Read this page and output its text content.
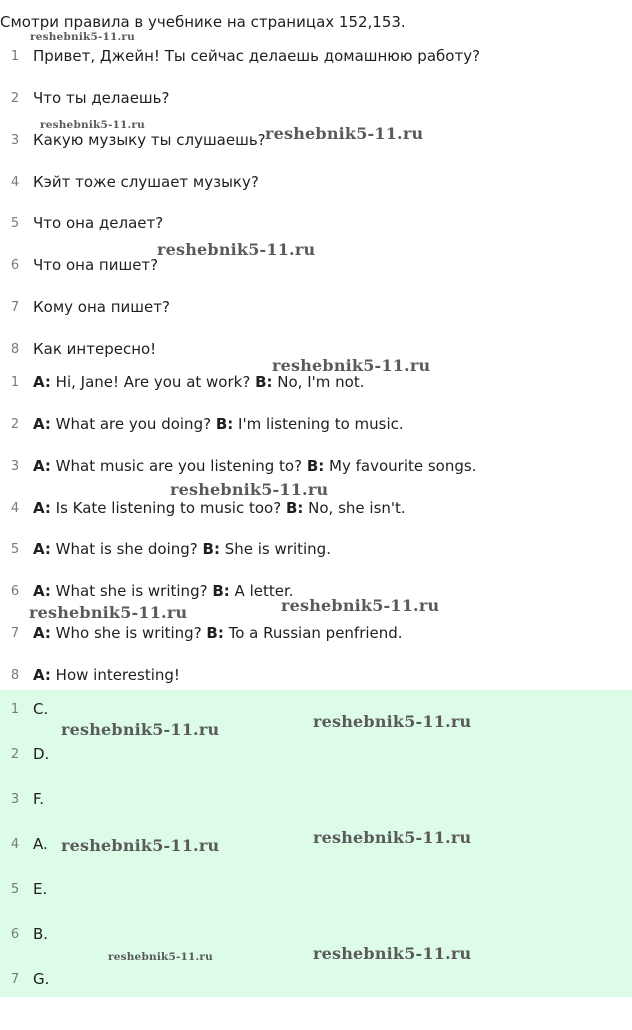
Смотри правила в учебнике на страницах 152,153.
1 Привет, Джейн! Ты сейчас делаешь домашнюю работу?
2 Что ты делаешь?
3 Какую музыку ты слушаешь?
4 Кэйт тоже слушает музыку?
5 Что она делает?
6 Что она пишет?
7 Кому она пишет?
8 Как интересно!
1 A: Hi, Jane! Are you at work? B: No, I'm not.
2 A: What are you doing? B: I'm listening to music.
3 A: What music are you listening to? B: My favourite songs.
4 A: Is Kate listening to music too? B: No, she isn't.
5 A: What is she doing? B: She is writing.
6 A: What she is writing? B: A letter.
7 A: Who she is writing? B: To a Russian penfriend.
8 A: How interesting!
1 C.
2 D.
3 F.
4 A.
5 E.
6 B.
7 G.
reshebnik5-11.ru
reshebnik5-11.ru	reshebnik5-11.ru
reshebnik5-11.ru
reshebnik5-11.ru
reshebnik5-11.ru
reshebnik5-11.ru	reshebnik5-11.ru
reshebnik5-11.ru	reshebnik5-11.ru
reshebnik5-11.ru	reshebnik5-11.ru
reshebnik5-11.ru	reshebnik5-11.ru
